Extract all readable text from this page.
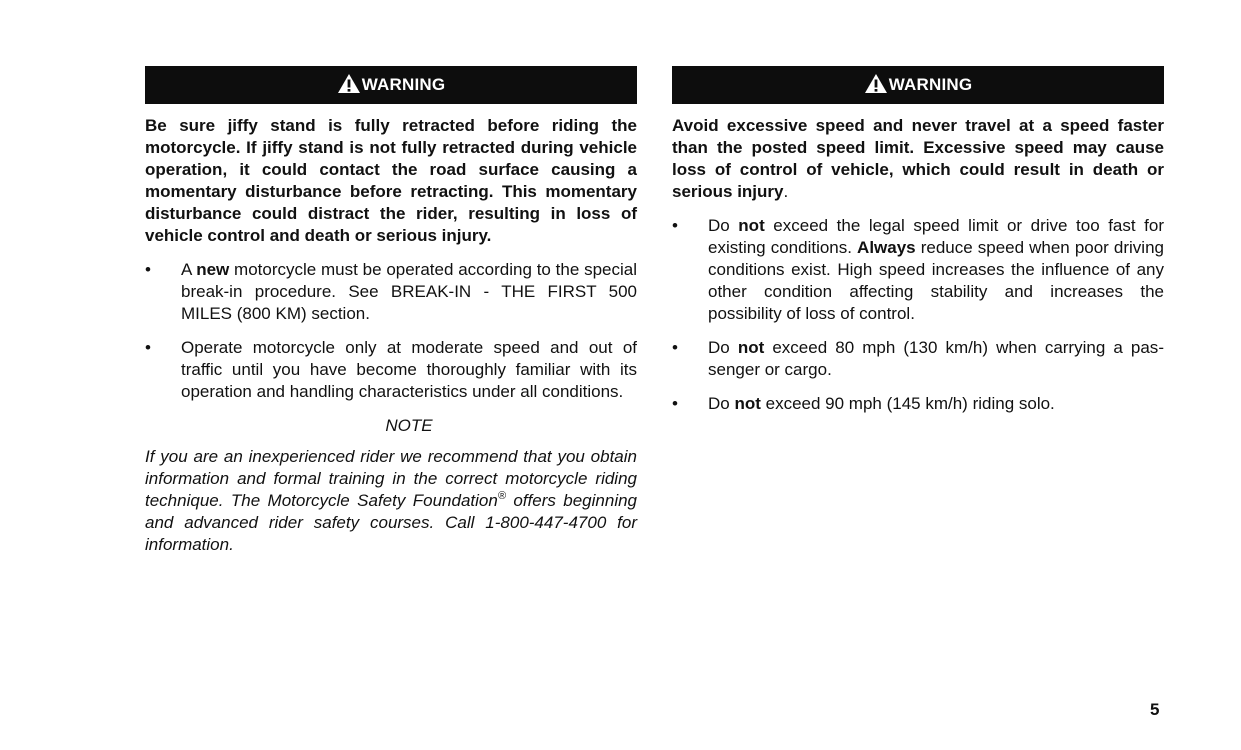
WARNING

Be sure jiffy stand is fully retracted before riding the motorcycle. If jiffy stand is not fully retracted during vehicle operation, it could contact the road surface causing a momentary disturbance before retracting. This momentary disturbance could distract the rider, resulting in loss of vehicle control and death or serious injury.

• A new motorcycle must be operated according to the special break-in procedure. See BREAK-IN - THE FIRST 500 MILES (800 KM) section.
• Operate motorcycle only at moderate speed and out of traffic until you have become thoroughly familiar with its operation and handling characteristics under all conditions.
NOTE

If you are an inexperienced rider we recommend that you obtain information and formal training in the correct motorcycle riding technique. The Motorcycle Safety Foundation® offers beginning and advanced rider safety courses. Call 1-800-447-4700 for information.

WARNING

Avoid excessive speed and never travel at a speed faster than the posted speed limit. Excessive speed may cause loss of control of vehicle, which could result in death or serious injury.

• Do not exceed the legal speed limit or drive too fast for existing conditions. Always reduce speed when poor driving conditions exist. High speed increases the influence of any other condition affecting stability and increases the possibility of loss of control.
• Do not exceed 80 mph (130 km/h) when carrying a passenger or cargo.
• Do not exceed 90 mph (145 km/h) riding solo.
5
